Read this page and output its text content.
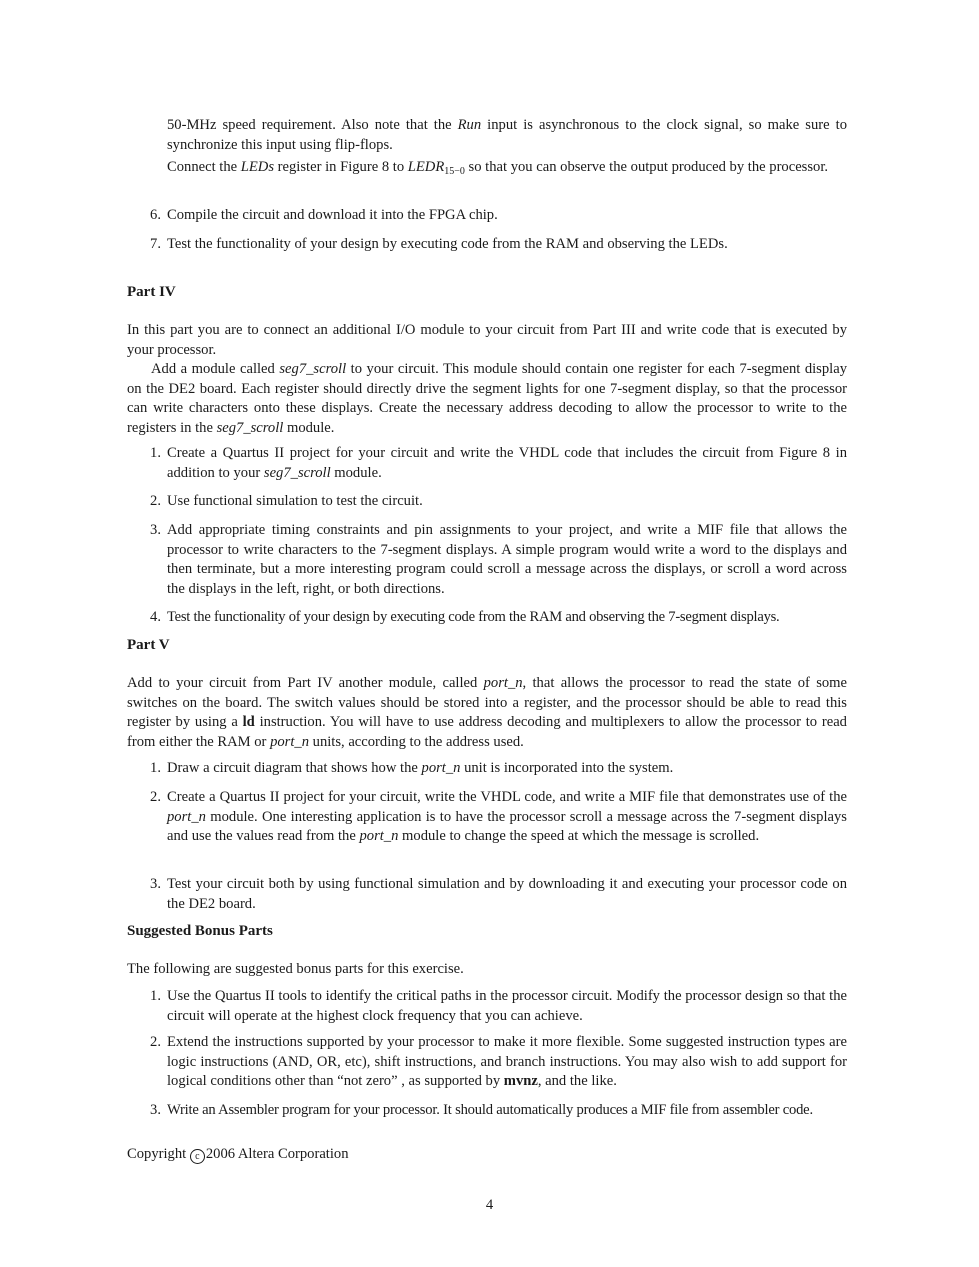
50-MHz speed requirement. Also note that the Run input is asynchronous to the clock signal, so make sure to synchronize this input using flip-flops.

Connect the LEDs register in Figure 8 to $LEDR_{15-0}$ so that you can observe the output produced by the processor.

6. Compile the circuit and download it into the FPGA chip.
7. Test the functionality of your design by executing code from the RAM and observing the LEDs.
Part IV

In this part you are to connect an additional I/O module to your circuit from Part III and write code that is executed by your processor.

Add a module called seg7_scroll to your circuit. This module should contain one register for each 7-segment display on the DE2 board. Each register should directly drive the segment lights for one 7-segment display, so that the processor can write characters onto these displays. Create the necessary address decoding to allow the processor to write to the registers in the seg7_scroll module.

1. Create a Quartus II project for your circuit and write the VHDL code that includes the circuit from Figure 8 in addition to your seg7_scroll module.
2. Use functional simulation to test the circuit.
3. Add appropriate timing constraints and pin assignments to your project, and write a MIF file that allows the processor to write characters to the 7-segment displays. A simple program would write a word to the displays and then terminate, but a more interesting program could scroll a message across the displays, or scroll a word across the displays in the left, right, or both directions.
4. Test the functionality of your design by executing code from the RAM and observing the 7-segment displays.
Part V

Add to your circuit from Part IV another module, called port_n, that allows the processor to read the state of some switches on the board. The switch values should be stored into a register, and the processor should be able to read this register by using a ld instruction. You will have to use address decoding and multiplexers to allow the processor to read from either the RAM or port_n units, according to the address used.

1. Draw a circuit diagram that shows how the port_n unit is incorporated into the system.
2. Create a Quartus II project for your circuit, write the VHDL code, and write a MIF file that demonstrates use of the port_n module. One interesting application is to have the processor scroll a message across the 7-segment displays and use the values read from the port_n module to change the speed at which the message is scrolled.
3. Test your circuit both by using functional simulation and by downloading it and executing your processor code on the DE2 board.
Suggested Bonus Parts

The following are suggested bonus parts for this exercise.

1. Use the Quartus II tools to identify the critical paths in the processor circuit. Modify the processor design so that the circuit will operate at the highest clock frequency that you can achieve.
2. Extend the instructions supported by your processor to make it more flexible. Some suggested instruction types are logic instructions (AND, OR, etc), shift instructions, and branch instructions. You may also wish to add support for logical conditions other than “not zero” , as supported by mvnz, and the like.
3. Write an Assembler program for your processor. It should automatically produces a MIF file from assembler code.
Copyright c 2006 Altera Corporation
4
